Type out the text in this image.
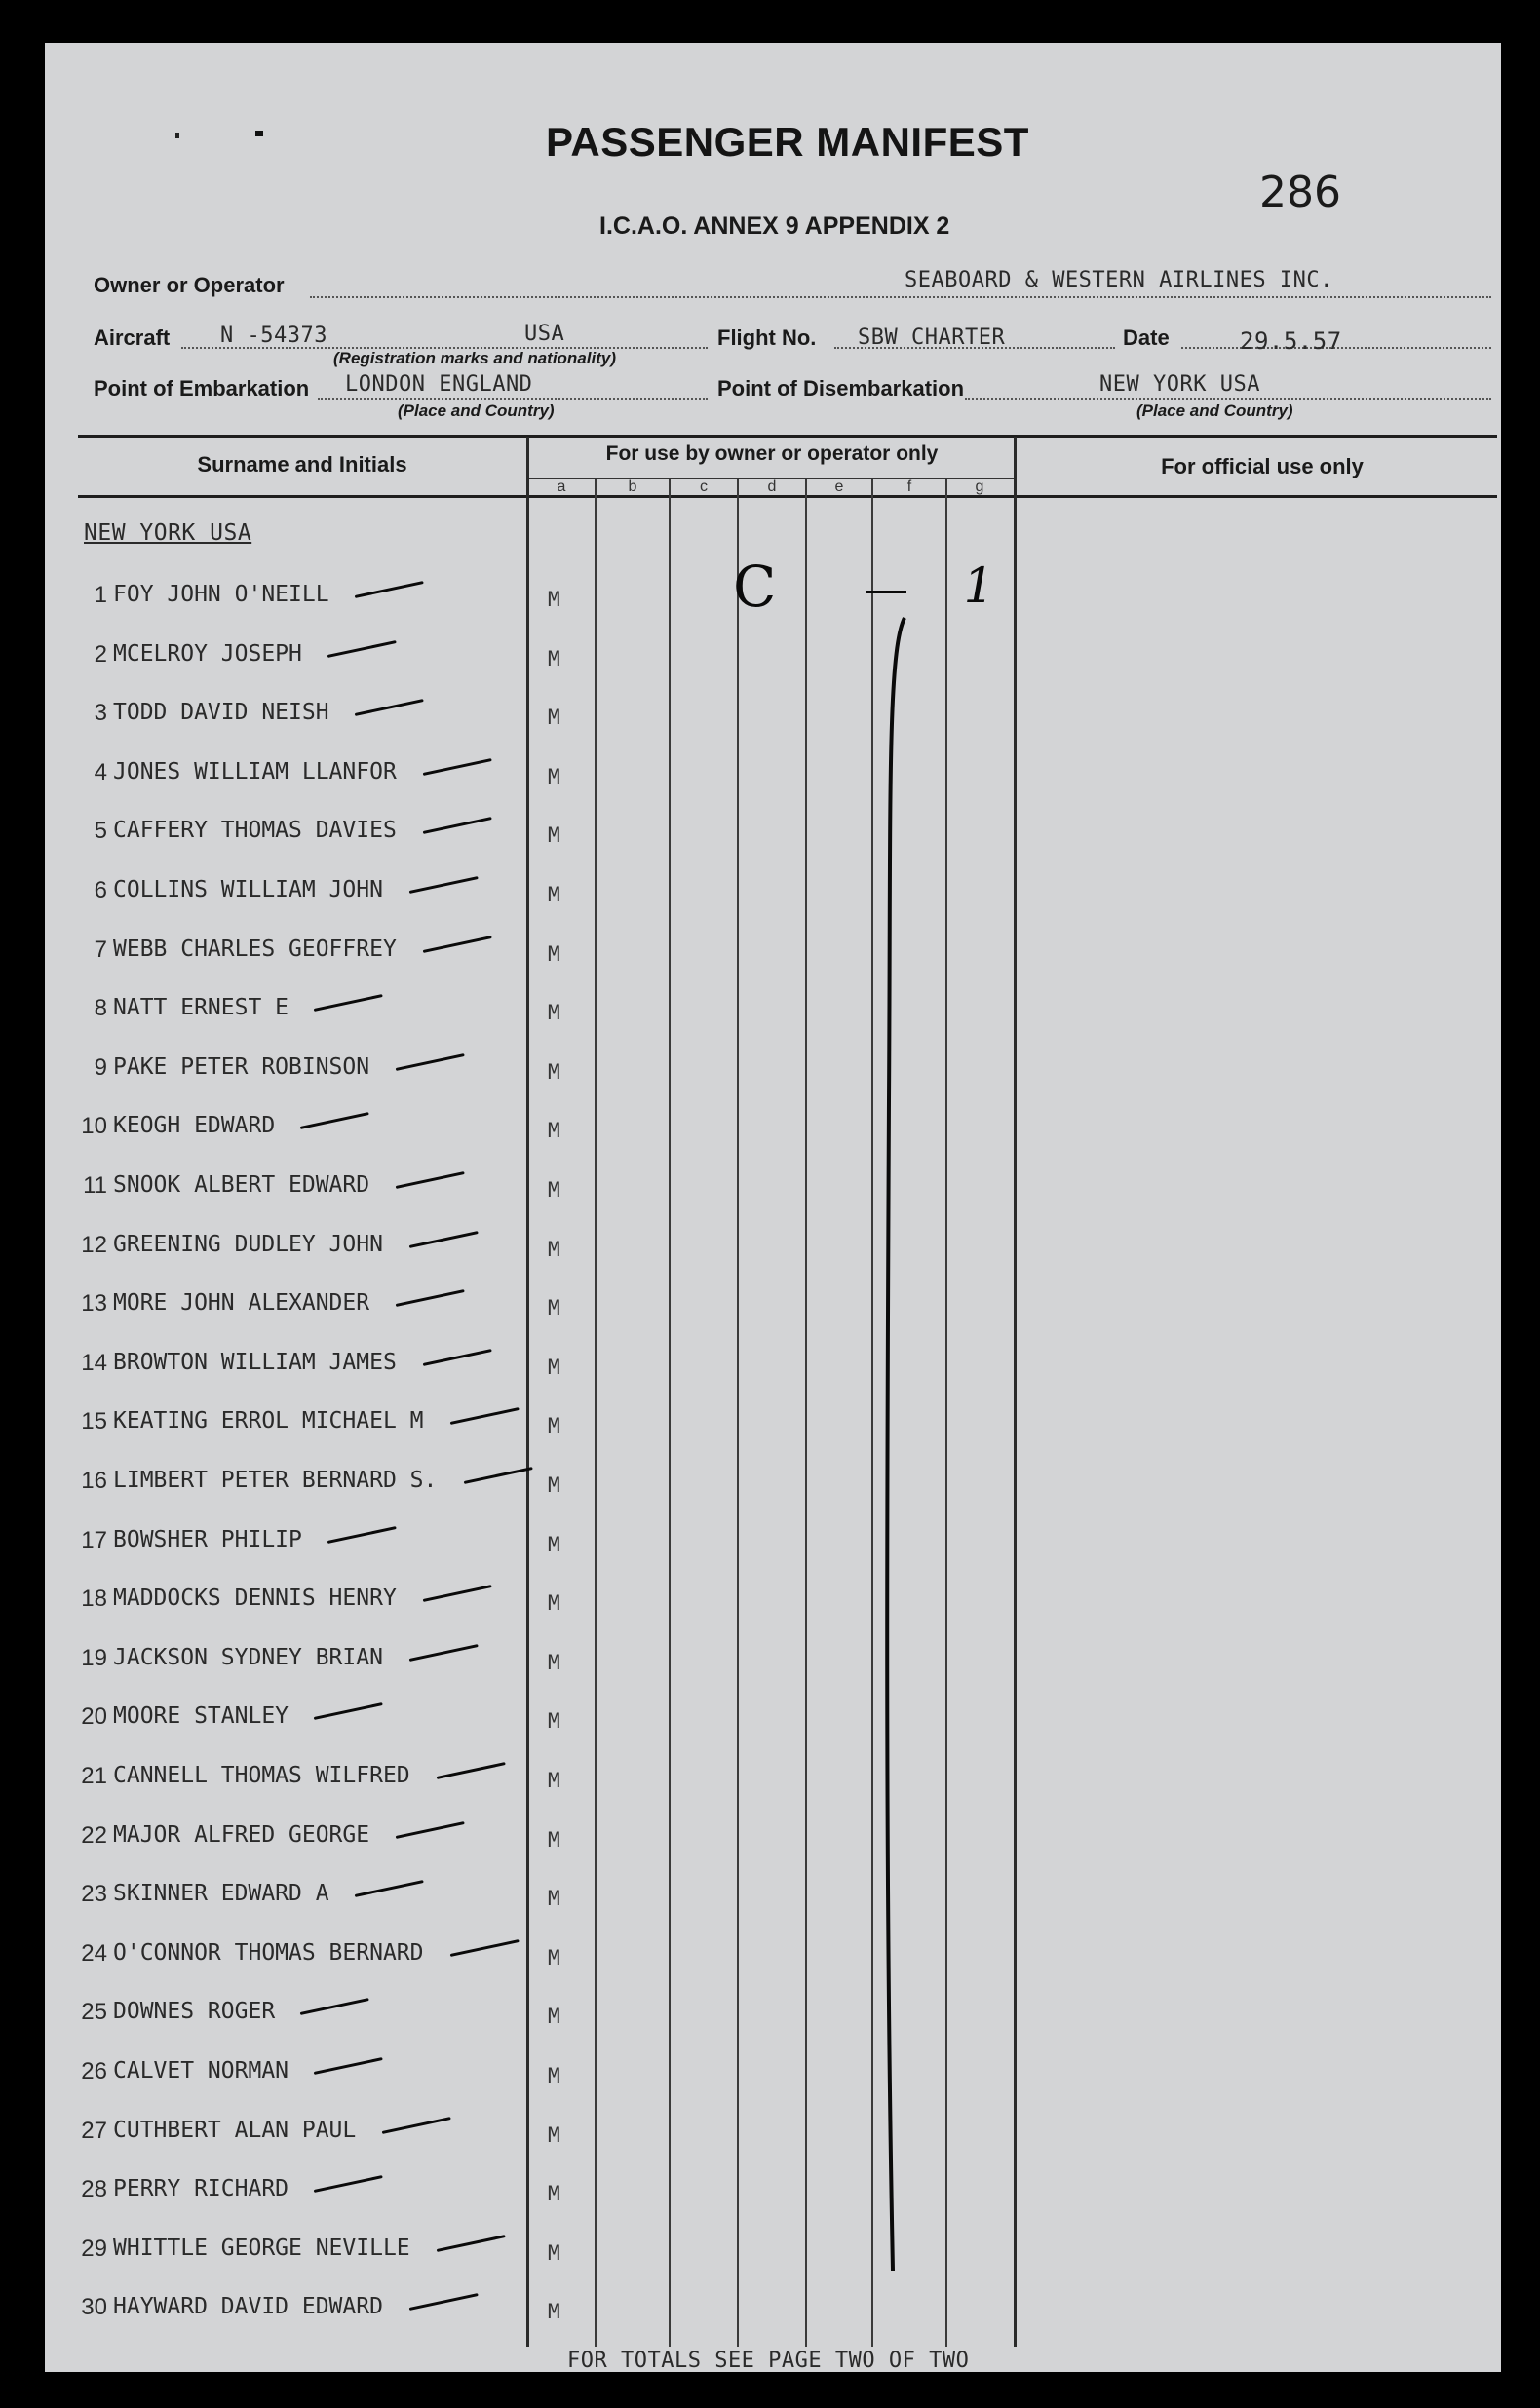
PASSENGER MANIFEST
I.C.A.O. ANNEX 9 APPENDIX 2
286
Owner or Operator	SEABOARD & WESTERN AIRLINES INC.
Aircraft N -54373	USA
(Registration marks and nationality)
Flight No. SBW CHARTER	Date	29.5.57
Point of Embarkation LONDON ENGLAND
(Place and Country)
Point of Disembarkation	NEW YORK USA
(Place and Country)
Surname and Initials	For use by owner or operator only
For official use only
a	b	c	d	e	f	g
NEW YORK USA
C	1
1 FOY JOHN O'NEILL	M
2 MCELROY JOSEPH	M
3 TODD DAVID NEISH	M
4 JONES WILLIAM LLANFOR	M
5 CAFFERY THOMAS DAVIES	M
6 COLLINS WILLIAM JOHN	M
7 WEBB CHARLES GEOFFREY	M
8 NATT ERNEST E	M
9 PAKE PETER ROBINSON	M
10 KEOGH EDWARD	M
11 SNOOK ALBERT EDWARD	M
12 GREENING DUDLEY JOHN	M
13 MORE JOHN ALEXANDER	M
14 BROWTON WILLIAM JAMES	M
15 KEATING ERROL MICHAEL M	M
16 LIMBERT PETER BERNARD S.	M
17 BOWSHER PHILIP	M
18 MADDOCKS DENNIS HENRY	M
19 JACKSON SYDNEY BRIAN	M
20 MOORE STANLEY	M
21 CANNELL THOMAS WILFRED	M
22 MAJOR ALFRED GEORGE	M
23 SKINNER EDWARD A	M
24 O'CONNOR THOMAS BERNARD	M
25 DOWNES ROGER	M
26 CALVET NORMAN	M
27 CUTHBERT ALAN PAUL	M
28 PERRY RICHARD	M
29 WHITTLE GEORGE NEVILLE	M
30 HAYWARD DAVID EDWARD	M
FOR TOTALS SEE PAGE TWO OF TWO
